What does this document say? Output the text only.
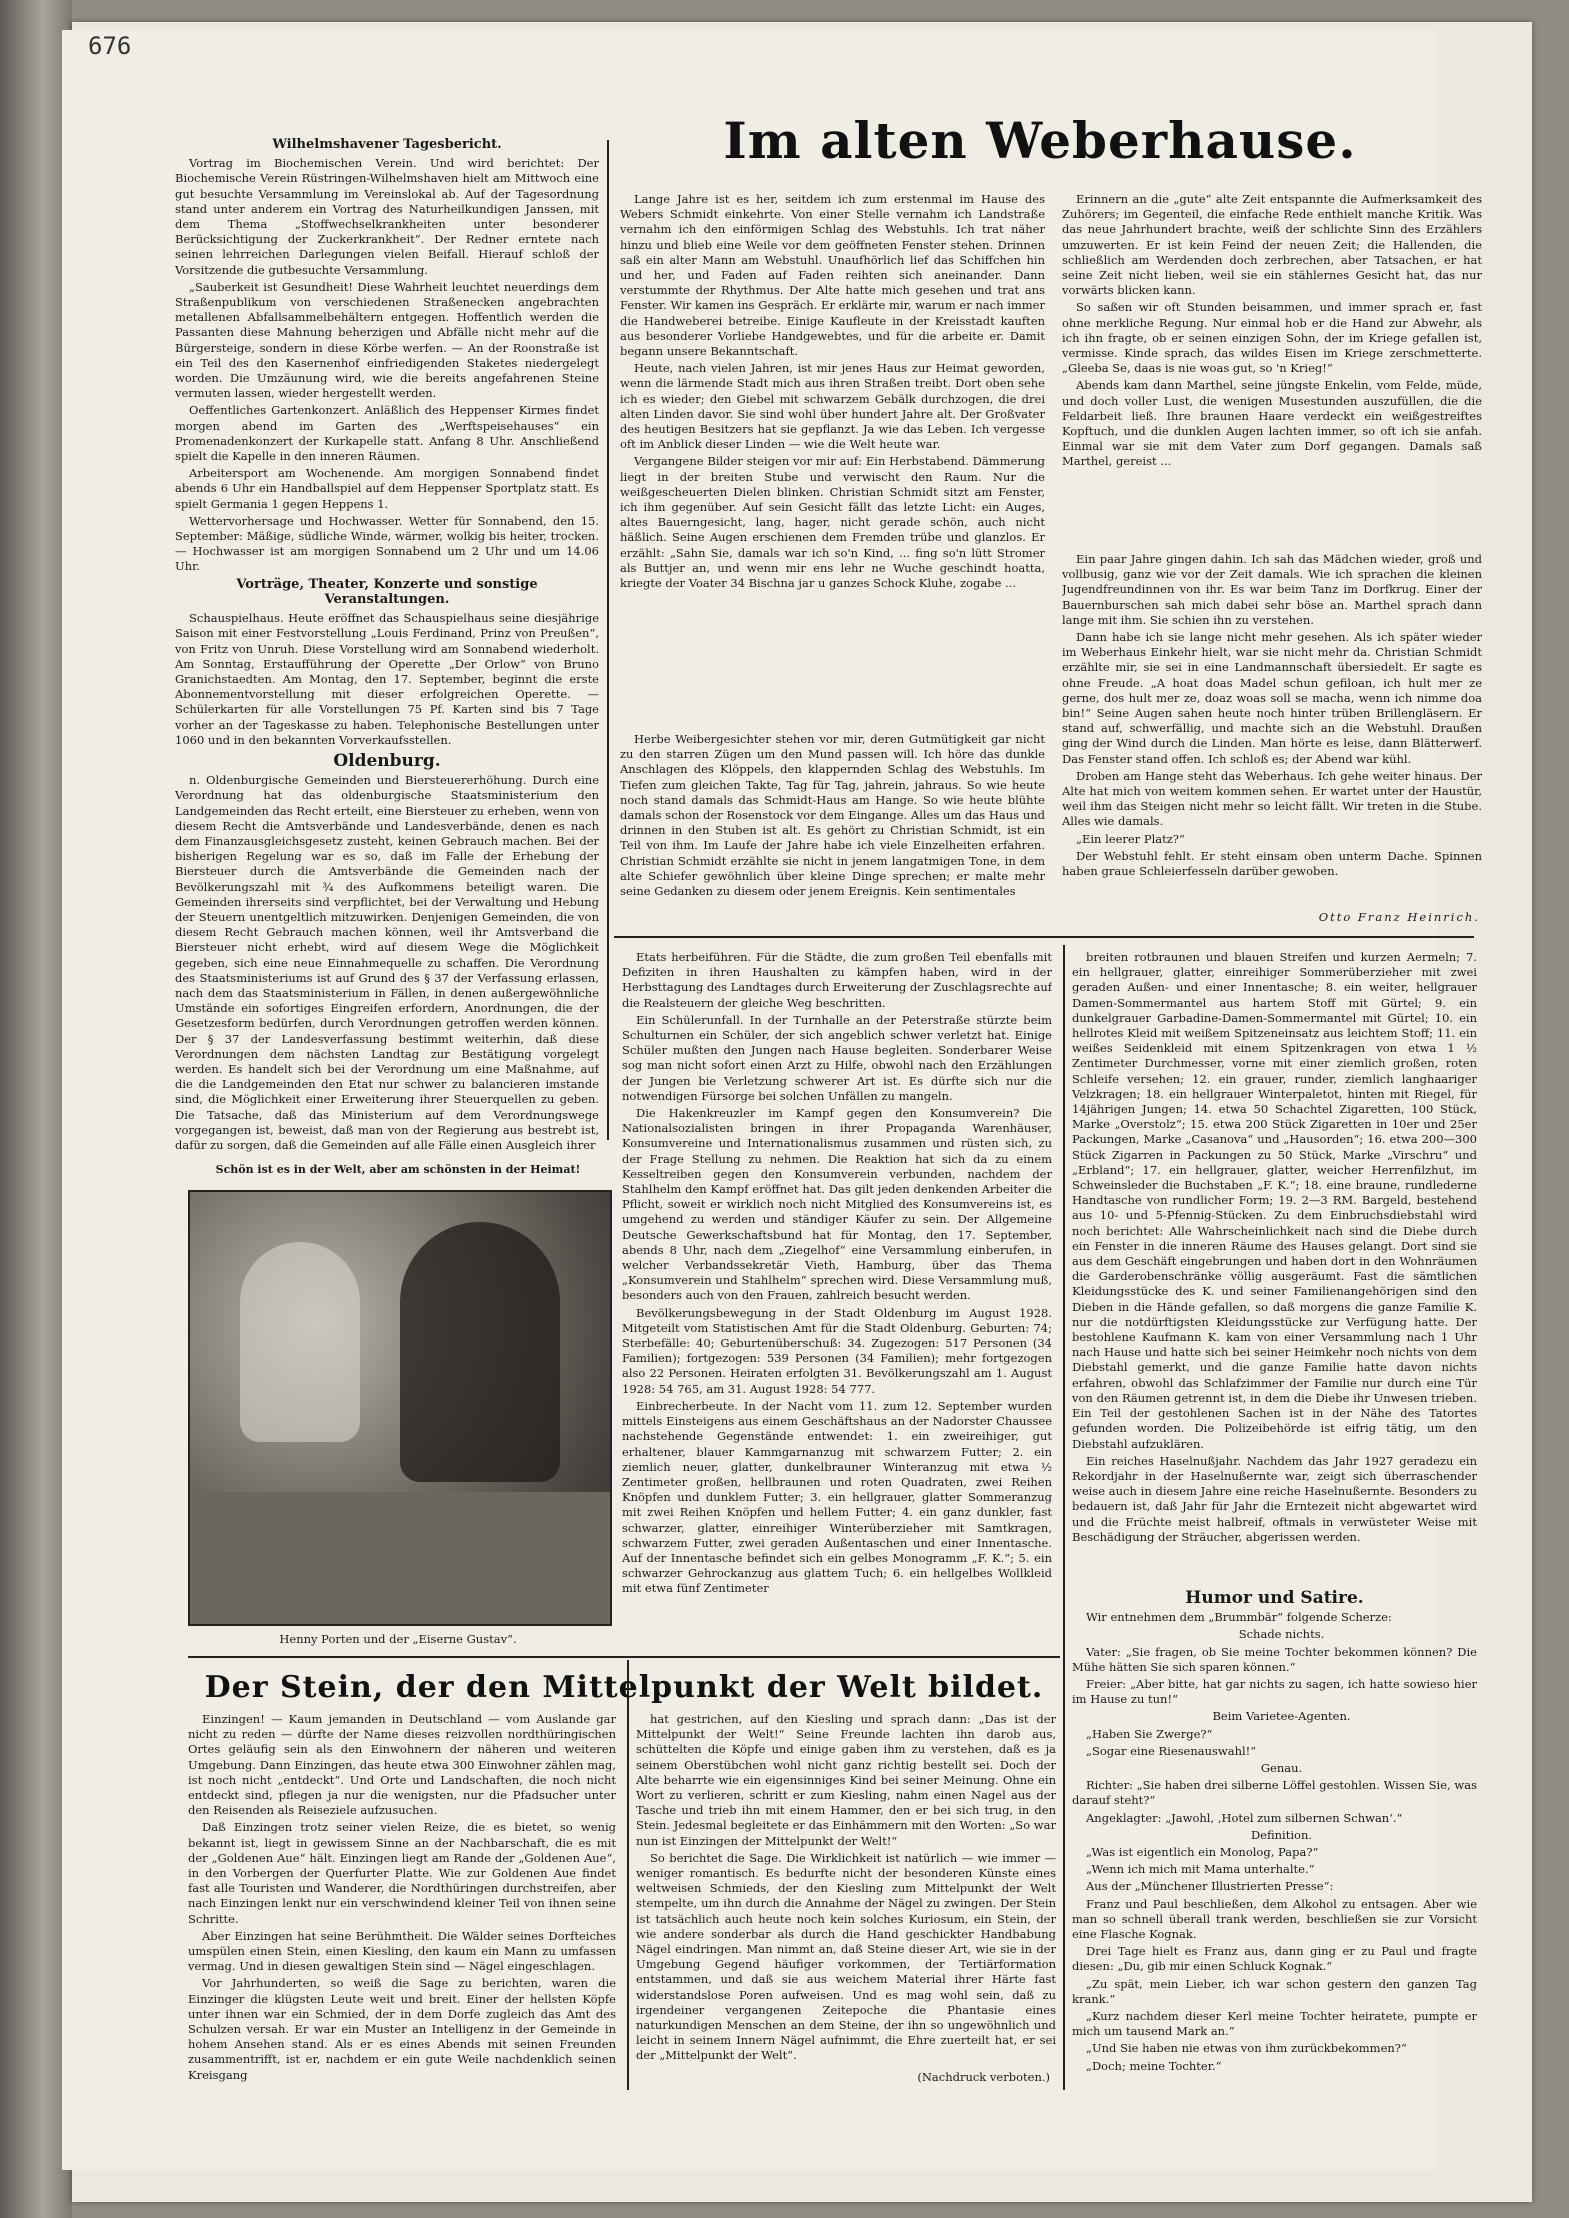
676
Wilhelmshavener Tagesbericht.

Vortrag im Biochemischen Verein. Und wird berichtet: Der Biochemische Verein Rüstringen-Wilhelmshaven hielt am Mittwoch eine gut besuchte Versammlung im Vereinslokal ab. Auf der Tagesordnung stand unter anderem ein Vortrag des Naturheilkundigen Janssen, mit dem Thema „Stoffwechselkrankheiten unter besonderer Berücksichtigung der Zuckerkrankheit“. Der Redner erntete nach seinen lehrreichen Darlegungen vielen Beifall. Hierauf schloß der Vorsitzende die gutbesuchte Versammlung.

„Sauberkeit ist Gesundheit! Diese Wahrheit leuchtet neuerdings dem Straßenpublikum von verschiedenen Straßenecken angebrachten metallenen Abfallsammelbehältern entgegen. Hoffentlich werden die Passanten diese Mahnung beherzigen und Abfälle nicht mehr auf die Bürgersteige, sondern in diese Körbe werfen. — An der Roonstraße ist ein Teil des den Kasernenhof einfriedigenden Staketes niedergelegt worden. Die Umzäunung wird, wie die bereits angefahrenen Steine vermuten lassen, wieder hergestellt werden.

Oeffentliches Gartenkonzert. Anläßlich des Heppenser Kirmes findet morgen abend im Garten des „Werftspeisehauses“ ein Promenadenkonzert der Kurkapelle statt. Anfang 8 Uhr. Anschließend spielt die Kapelle in den inneren Räumen.

Arbeitersport am Wochenende. Am morgigen Sonnabend findet abends 6 Uhr ein Handballspiel auf dem Heppenser Sportplatz statt. Es spielt Germania 1 gegen Heppens 1.

Wettervorhersage und Hochwasser. Wetter für Sonnabend, den 15. September: Mäßige, südliche Winde, wärmer, wolkig bis heiter, trocken. — Hochwasser ist am morgigen Sonnabend um 2 Uhr und um 14.06 Uhr.

Vorträge, Theater, Konzerte und sonstige Veranstaltungen.

Schauspielhaus. Heute eröffnet das Schauspielhaus seine diesjährige Saison mit einer Festvorstellung „Louis Ferdinand, Prinz von Preußen“, von Fritz von Unruh. Diese Vorstellung wird am Sonnabend wiederholt. Am Sonntag, Erstaufführung der Operette „Der Orlow“ von Bruno Granichstaedten. Am Montag, den 17. September, beginnt die erste Abonnementvorstellung mit dieser erfolgreichen Operette. — Schülerkarten für alle Vorstellungen 75 Pf. Karten sind bis 7 Tage vorher an der Tageskasse zu haben. Telephonische Bestellungen unter 1060 und in den bekannten Vorverkaufsstellen.

Oldenburg.

n. Oldenburgische Gemeinden und Biersteuererhöhung. Durch eine Verordnung hat das oldenburgische Staatsministerium den Landgemeinden das Recht erteilt, eine Biersteuer zu erheben, wenn von diesem Recht die Amtsverbände und Landesverbände, denen es nach dem Finanzausgleichsgesetz zusteht, keinen Gebrauch machen. Bei der bisherigen Regelung war es so, daß im Falle der Erhebung der Biersteuer durch die Amtsverbände die Gemeinden nach der Bevölkerungszahl mit ¾ des Aufkommens beteiligt waren. Die Gemeinden ihrerseits sind verpflichtet, bei der Verwaltung und Hebung der Steuern unentgeltlich mitzuwirken. Denjenigen Gemeinden, die von diesem Recht Gebrauch machen können, weil ihr Amtsverband die Biersteuer nicht erhebt, wird auf diesem Wege die Möglichkeit gegeben, sich eine neue Einnahmequelle zu schaffen. Die Verordnung des Staatsministeriums ist auf Grund des § 37 der Verfassung erlassen, nach dem das Staatsministerium in Fällen, in denen außergewöhnliche Umstände ein sofortiges Eingreifen erfordern, Anordnungen, die der Gesetzesform bedürfen, durch Verordnungen getroffen werden können. Der § 37 der Landesverfassung bestimmt weiterhin, daß diese Verordnungen dem nächsten Landtag zur Bestätigung vorgelegt werden. Es handelt sich bei der Verordnung um eine Maßnahme, auf die die Landgemeinden den Etat nur schwer zu balancieren imstande sind, die Möglichkeit einer Erweiterung ihrer Steuerquellen zu geben. Die Tatsache, daß das Ministerium auf dem Verordnungswege vorgegangen ist, beweist, daß man von der Regierung aus bestrebt ist, dafür zu sorgen, daß die Gemeinden auf alle Fälle einen Ausgleich ihrer

Schön ist es in der Welt, aber am schönsten in der Heimat!
Henny Porten und der „Eiserne Gustav“.
Im alten Weberhause.

Lange Jahre ist es her, seitdem ich zum erstenmal im Hause des Webers Schmidt einkehrte. Von einer Stelle vernahm ich Landstraße vernahm ich den einförmigen Schlag des Webstuhls. Ich trat näher hinzu und blieb eine Weile vor dem geöffneten Fenster stehen. Drinnen saß ein alter Mann am Webstuhl. Unaufhörlich lief das Schiffchen hin und her, und Faden auf Faden reihten sich aneinander. Dann verstummte der Rhythmus. Der Alte hatte mich gesehen und trat ans Fenster. Wir kamen ins Gespräch. Er erklärte mir, warum er nach immer die Handweberei betreibe. Einige Kaufleute in der Kreisstadt kauften aus besonderer Vorliebe Handgewebtes, und für die arbeite er. Damit begann unsere Bekanntschaft.

Heute, nach vielen Jahren, ist mir jenes Haus zur Heimat geworden, wenn die lärmende Stadt mich aus ihren Straßen treibt. Dort oben sehe ich es wieder; den Giebel mit schwarzem Gebälk durchzogen, die drei alten Linden davor. Sie sind wohl über hundert Jahre alt. Der Großvater des heutigen Besitzers hat sie gepflanzt. Ja wie das Leben. Ich vergesse oft im Anblick dieser Linden — wie die Welt heute war.

Vergangene Bilder steigen vor mir auf: Ein Herbstabend. Dämmerung liegt in der breiten Stube und verwischt den Raum. Nur die weißgescheuerten Dielen blinken. Christian Schmidt sitzt am Fenster, ich ihm gegenüber. Auf sein Gesicht fällt das letzte Licht: ein Auges, altes Bauerngesicht, lang, hager, nicht gerade schön, auch nicht häßlich. Seine Augen erschienen dem Fremden trübe und glanzlos. Er erzählt: „Sahn Sie, damals war ich so'n Kind, ... fing so'n lütt Stromer als Buttjer an, und wenn mir ens lehr ne Wuche geschindt hoatta, kriegte der Voater 34 Bischna jar u ganzes Schock Kluhe, zogabe ...

Herbe Weibergesichter stehen vor mir, deren Gutmütigkeit gar nicht zu den starren Zügen um den Mund passen will. Ich höre das dunkle Anschlagen des Klöppels, den klappernden Schlag des Webstuhls. Im Tiefen zum gleichen Takte, Tag für Tag, jahrein, jahraus. So wie heute noch stand damals das Schmidt-Haus am Hange. So wie heute blühte damals schon der Rosenstock vor dem Eingange. Alles um das Haus und drinnen in den Stuben ist alt. Es gehört zu Christian Schmidt, ist ein Teil von ihm. Im Laufe der Jahre habe ich viele Einzelheiten erfahren. Christian Schmidt erzählte sie nicht in jenem langatmigen Tone, in dem alte Schiefer gewöhnlich über kleine Dinge sprechen; er malte mehr seine Gedanken zu diesem oder jenem Ereignis. Kein sentimentales

Erinnern an die „gute“ alte Zeit entspannte die Aufmerksamkeit des Zuhörers; im Gegenteil, die einfache Rede enthielt manche Kritik. Was das neue Jahrhundert brachte, weiß der schlichte Sinn des Erzählers umzuwerten. Er ist kein Feind der neuen Zeit; die Hallenden, die schließlich am Werdenden doch zerbrechen, aber Tatsachen, er hat seine Zeit nicht lieben, weil sie ein stählernes Gesicht hat, das nur vorwärts blicken kann.

So saßen wir oft Stunden beisammen, und immer sprach er, fast ohne merkliche Regung. Nur einmal hob er die Hand zur Abwehr, als ich ihn fragte, ob er seinen einzigen Sohn, der im Kriege gefallen ist, vermisse. Kinde sprach, das wildes Eisen im Kriege zerschmetterte. „Gleeba Se, daas is nie woas gut, so 'n Krieg!“

Abends kam dann Marthel, seine jüngste Enkelin, vom Felde, müde, und doch voller Lust, die wenigen Musestunden auszufüllen, die die Feldarbeit ließ. Ihre braunen Haare verdeckt ein weißgestreiftes Kopftuch, und die dunklen Augen lachten immer, so oft ich sie anfah. Einmal war sie mit dem Vater zum Dorf gegangen. Damals saß Marthel, gereist ...

Ein paar Jahre gingen dahin. Ich sah das Mädchen wieder, groß und vollbusig, ganz wie vor der Zeit damals. Wie ich sprachen die kleinen Jugendfreundinnen von ihr. Es war beim Tanz im Dorfkrug. Einer der Bauernburschen sah mich dabei sehr böse an. Marthel sprach dann lange mit ihm. Sie schien ihn zu verstehen.

Dann habe ich sie lange nicht mehr gesehen. Als ich später wieder im Weberhaus Einkehr hielt, war sie nicht mehr da. Christian Schmidt erzählte mir, sie sei in eine Landmannschaft übersiedelt. Er sagte es ohne Freude. „A hoat doas Madel schun gefiloan, ich hult mer ze gerne, dos hult mer ze, doaz woas soll se macha, wenn ich nimme doa bin!“ Seine Augen sahen heute noch hinter trüben Brillengläsern. Er stand auf, schwerfällig, und machte sich an die Webstuhl. Draußen ging der Wind durch die Linden. Man hörte es leise, dann Blätterwerf. Das Fenster stand offen. Ich schloß es; der Abend war kühl.

Droben am Hange steht das Weberhaus. Ich gehe weiter hinaus. Der Alte hat mich von weitem kommen sehen. Er wartet unter der Haustür, weil ihm das Steigen nicht mehr so leicht fällt. Wir treten in die Stube. Alles wie damals.

„Ein leerer Platz?“

Der Webstuhl fehlt. Er steht einsam oben unterm Dache. Spinnen haben graue Schleierfesseln darüber gewoben.

Otto Franz Heinrich.

Etats herbeiführen. Für die Städte, die zum großen Teil ebenfalls mit Defiziten in ihren Haushalten zu kämpfen haben, wird in der Herbsttagung des Landtages durch Erweiterung der Zuschlagsrechte auf die Realsteuern der gleiche Weg beschritten.

Ein Schülerunfall. In der Turnhalle an der Peterstraße stürzte beim Schulturnen ein Schüler, der sich angeblich schwer verletzt hat. Einige Schüler mußten den Jungen nach Hause begleiten. Sonderbarer Weise sog man nicht sofort einen Arzt zu Hilfe, obwohl nach den Erzählungen der Jungen bie Verletzung schwerer Art ist. Es dürfte sich nur die notwendigen Fürsorge bei solchen Unfällen zu mangeln.

Die Hakenkreuzler im Kampf gegen den Konsumverein? Die Nationalsozialisten bringen in ihrer Propaganda Warenhäuser, Konsumvereine und Internationalismus zusammen und rüsten sich, zu der Frage Stellung zu nehmen. Die Reaktion hat sich da zu einem Kesseltreiben gegen den Konsumverein verbunden, nachdem der Stahlhelm den Kampf eröffnet hat. Das gilt jeden denkenden Arbeiter die Pflicht, soweit er wirklich noch nicht Mitglied des Konsumvereins ist, es umgehend zu werden und ständiger Käufer zu sein. Der Allgemeine Deutsche Gewerkschaftsbund hat für Montag, den 17. September, abends 8 Uhr, nach dem „Ziegelhof“ eine Versammlung einberufen, in welcher Verbandssekretär Vieth, Hamburg, über das Thema „Konsumverein und Stahlhelm“ sprechen wird. Diese Versammlung muß, besonders auch von den Frauen, zahlreich besucht werden.

Bevölkerungsbewegung in der Stadt Oldenburg im August 1928. Mitgeteilt vom Statistischen Amt für die Stadt Oldenburg. Geburten: 74; Sterbefälle: 40; Geburtenüberschuß: 34. Zugezogen: 517 Personen (34 Familien); fortgezogen: 539 Personen (34 Familien); mehr fortgezogen also 22 Personen. Heiraten erfolgten 31. Bevölkerungszahl am 1. August 1928: 54 765, am 31. August 1928: 54 777.

Einbrecherbeute. In der Nacht vom 11. zum 12. September wurden mittels Einsteigens aus einem Geschäftshaus an der Nadorster Chaussee nachstehende Gegenstände entwendet: 1. ein zweireihiger, gut erhaltener, blauer Kammgarnanzug mit schwarzem Futter; 2. ein ziemlich neuer, glatter, dunkelbrauner Winteranzug mit etwa ½ Zentimeter großen, hellbraunen und roten Quadraten, zwei Reihen Knöpfen und dunklem Futter; 3. ein hellgrauer, glatter Sommeranzug mit zwei Reihen Knöpfen und hellem Futter; 4. ein ganz dunkler, fast schwarzer, glatter, einreihiger Winterüberzieher mit Samtkragen, schwarzem Futter, zwei geraden Außentaschen und einer Innentasche. Auf der Innentasche befindet sich ein gelbes Monogramm „F. K.“; 5. ein schwarzer Gehrockanzug aus glattem Tuch; 6. ein hellgelbes Wollkleid mit etwa fünf Zentimeter

breiten rotbraunen und blauen Streifen und kurzen Aermeln; 7. ein hellgrauer, glatter, einreihiger Sommerüberzieher mit zwei geraden Außen- und einer Innentasche; 8. ein weiter, hellgrauer Damen-Sommermantel aus hartem Stoff mit Gürtel; 9. ein dunkelgrauer Garbadine-Damen-Sommermantel mit Gürtel; 10. ein hellrotes Kleid mit weißem Spitzeneinsatz aus leichtem Stoff; 11. ein weißes Seidenkleid mit einem Spitzenkragen von etwa 1 ½ Zentimeter Durchmesser, vorne mit einer ziemlich großen, roten Schleife versehen; 12. ein grauer, runder, ziemlich langhaariger Velzkragen; 18. ein hellgrauer Winterpaletot, hinten mit Riegel, für 14jährigen Jungen; 14. etwa 50 Schachtel Zigaretten, 100 Stück, Marke „Overstolz“; 15. etwa 200 Stück Zigaretten in 10er und 25er Packungen, Marke „Casanova“ und „Hausorden“; 16. etwa 200—300 Stück Zigarren in Packungen zu 50 Stück, Marke „Virschru“ und „Erbland“; 17. ein hellgrauer, glatter, weicher Herrenfilzhut, im Schweinsleder die Buchstaben „F. K.“; 18. eine braune, rundlederne Handtasche von rundlicher Form; 19. 2—3 RM. Bargeld, bestehend aus 10- und 5-Pfennig-Stücken. Zu dem Einbruchsdiebstahl wird noch berichtet: Alle Wahrscheinlichkeit nach sind die Diebe durch ein Fenster in die inneren Räume des Hauses gelangt. Dort sind sie aus dem Geschäft eingebrungen und haben dort in den Wohnräumen die Garderobenschränke völlig ausgeräumt. Fast die sämtlichen Kleidungsstücke des K. und seiner Familienangehörigen sind den Dieben in die Hände gefallen, so daß morgens die ganze Familie K. nur die notdürftigsten Kleidungsstücke zur Verfügung hatte. Der bestohlene Kaufmann K. kam von einer Versammlung nach 1 Uhr nach Hause und hatte sich bei seiner Heimkehr noch nichts von dem Diebstahl gemerkt, und die ganze Familie hatte davon nichts erfahren, obwohl das Schlafzimmer der Familie nur durch eine Tür von den Räumen getrennt ist, in dem die Diebe ihr Unwesen trieben. Ein Teil der gestohlenen Sachen ist in der Nähe des Tatortes gefunden worden. Die Polizeibehörde ist eifrig tätig, um den Diebstahl aufzuklären.

Ein reiches Haselnußjahr. Nachdem das Jahr 1927 geradezu ein Rekordjahr in der Haselnußernte war, zeigt sich überraschender weise auch in diesem Jahre eine reiche Haselnußernte. Besonders zu bedauern ist, daß Jahr für Jahr die Erntezeit nicht abgewartet wird und die Früchte meist halbreif, oftmals in verwüsteter Weise mit Beschädigung der Sträucher, abgerissen werden.

Humor und Satire.

Wir entnehmen dem „Brummbär“ folgende Scherze:

Schade nichts.

Vater: „Sie fragen, ob Sie meine Tochter bekommen können? Die Mühe hätten Sie sich sparen können.“

Freier: „Aber bitte, hat gar nichts zu sagen, ich hatte sowieso hier im Hause zu tun!“

Beim Varietee-Agenten.

„Haben Sie Zwerge?“

„Sogar eine Riesenauswahl!“

Genau.

Richter: „Sie haben drei silberne Löffel gestohlen. Wissen Sie, was darauf steht?“

Angeklagter: „Jawohl, ‚Hotel zum silbernen Schwan‘.“

Definition.

„Was ist eigentlich ein Monolog, Papa?“

„Wenn ich mich mit Mama unterhalte.“

Aus der „Münchener Illustrierten Presse“:

Franz und Paul beschließen, dem Alkohol zu entsagen. Aber wie man so schnell überall trank werden, beschließen sie zur Vorsicht eine Flasche Kognak.

Drei Tage hielt es Franz aus, dann ging er zu Paul und fragte diesen: „Du, gib mir einen Schluck Kognak.“

„Zu spät, mein Lieber, ich war schon gestern den ganzen Tag krank.“

„Kurz nachdem dieser Kerl meine Tochter heiratete, pumpte er mich um tausend Mark an.“

„Und Sie haben nie etwas von ihm zurückbekommen?“

„Doch; meine Tochter.“

Der Stein, der den Mittelpunkt der Welt bildet.

Einzingen! — Kaum jemanden in Deutschland — vom Auslande gar nicht zu reden — dürfte der Name dieses reizvollen nordthüringischen Ortes geläufig sein als den Einwohnern der näheren und weiteren Umgebung. Dann Einzingen, das heute etwa 300 Einwohner zählen mag, ist noch nicht „entdeckt“. Und Orte und Landschaften, die noch nicht entdeckt sind, pflegen ja nur die wenigsten, nur die Pfadsucher unter den Reisenden als Reiseziele aufzusuchen.

Daß Einzingen trotz seiner vielen Reize, die es bietet, so wenig bekannt ist, liegt in gewissem Sinne an der Nachbarschaft, die es mit der „Goldenen Aue“ hält. Einzingen liegt am Rande der „Goldenen Aue“, in den Vorbergen der Querfurter Platte. Wie zur Goldenen Aue findet fast alle Touristen und Wanderer, die Nordthüringen durchstreifen, aber nach Einzingen lenkt nur ein verschwindend kleiner Teil von ihnen seine Schritte.

Aber Einzingen hat seine Berühmtheit. Die Wälder seines Dorfteiches umspülen einen Stein, einen Kiesling, den kaum ein Mann zu umfassen vermag. Und in diesen gewaltigen Stein sind — Nägel eingeschlagen.

Vor Jahrhunderten, so weiß die Sage zu berichten, waren die Einzinger die klügsten Leute weit und breit. Einer der hellsten Köpfe unter ihnen war ein Schmied, der in dem Dorfe zugleich das Amt des Schulzen versah. Er war ein Muster an Intelligenz in der Gemeinde in hohem Ansehen stand. Als er es eines Abends mit seinen Freunden zusammentrifft, ist er, nachdem er ein gute Weile nachdenklich seinen Kreisgang

hat gestrichen, auf den Kiesling und sprach dann: „Das ist der Mittelpunkt der Welt!“ Seine Freunde lachten ihn darob aus, schüttelten die Köpfe und einige gaben ihm zu verstehen, daß es ja seinem Oberstübchen wohl nicht ganz richtig bestellt sei. Doch der Alte beharrte wie ein eigensinniges Kind bei seiner Meinung. Ohne ein Wort zu verlieren, schritt er zum Kiesling, nahm einen Nagel aus der Tasche und trieb ihn mit einem Hammer, den er bei sich trug, in den Stein. Jedesmal begleitete er das Einhämmern mit den Worten: „So war nun ist Einzingen der Mittelpunkt der Welt!“

So berichtet die Sage. Die Wirklichkeit ist natürlich — wie immer — weniger romantisch. Es bedurfte nicht der besonderen Künste eines weltweisen Schmieds, der den Kiesling zum Mittelpunkt der Welt stempelte, um ihn durch die Annahme der Nägel zu zwingen. Der Stein ist tatsächlich auch heute noch kein solches Kuriosum, ein Stein, der wie andere sonderbar als durch die Hand geschickter Handbabung Nägel eindringen. Man nimmt an, daß Steine dieser Art, wie sie in der Umgebung Gegend häufiger vorkommen, der Tertiärformation entstammen, und daß sie aus weichem Material ihrer Härte fast widerstandslose Poren aufweisen. Und es mag wohl sein, daß zu irgendeiner vergangenen Zeitepoche die Phantasie eines naturkundigen Menschen an dem Steine, der ihn so ungewöhnlich und leicht in seinem Innern Nägel aufnimmt, die Ehre zuerteilt hat, er sei der „Mittelpunkt der Welt“.

(Nachdruck verboten.)
